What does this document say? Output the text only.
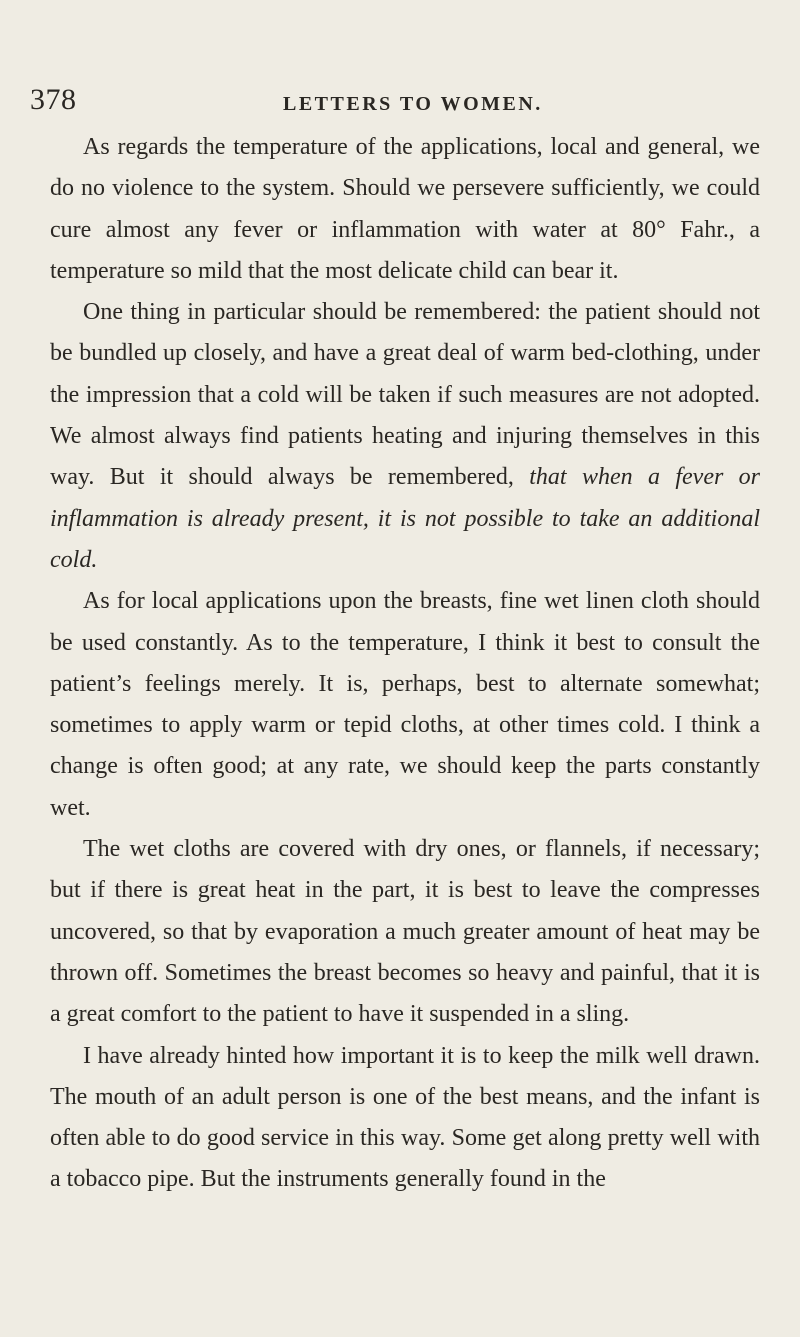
378	LETTERS TO WOMEN.

As regards the temperature of the applications, local and general, we do no violence to the system. Should we persevere sufficiently, we could cure almost any fever or inflammation with water at 80° Fahr., a temperature so mild that the most delicate child can bear it.

One thing in particular should be remembered: the patient should not be bundled up closely, and have a great deal of warm bed-clothing, under the impression that a cold will be taken if such measures are not adopted. We almost always find patients heating and injuring themselves in this way. But it should always be remembered, that when a fever or inflammation is already present, it is not possible to take an additional cold.

As for local applications upon the breasts, fine wet linen cloth should be used constantly. As to the temperature, I think it best to consult the patient’s feelings merely. It is, perhaps, best to alternate somewhat; sometimes to apply warm or tepid cloths, at other times cold. I think a change is often good; at any rate, we should keep the parts constantly wet.

The wet cloths are covered with dry ones, or flannels, if necessary; but if there is great heat in the part, it is best to leave the compresses uncovered, so that by evaporation a much greater amount of heat may be thrown off. Sometimes the breast becomes so heavy and painful, that it is a great comfort to the patient to have it suspended in a sling.

I have already hinted how important it is to keep the milk well drawn. The mouth of an adult person is one of the best means, and the infant is often able to do good service in this way. Some get along pretty well with a tobacco pipe. But the instruments generally found in the
